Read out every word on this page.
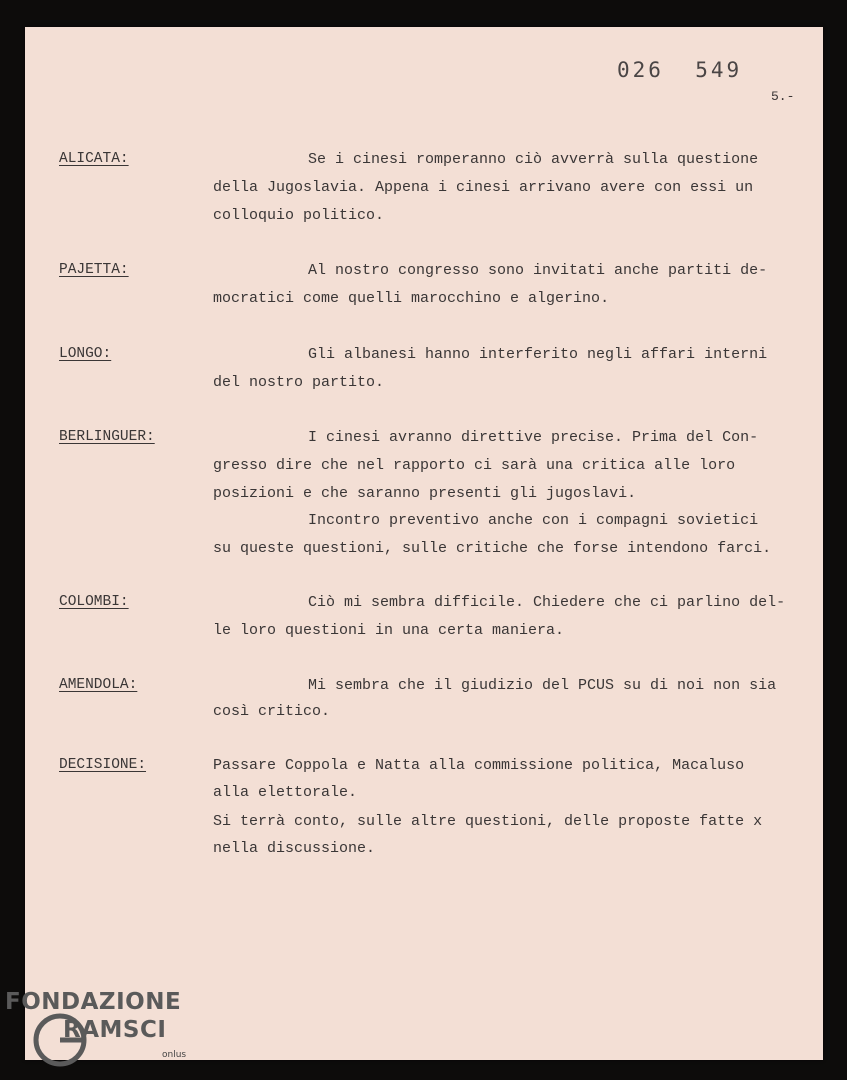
026  549
5.-
ALICATA:	Se i cinesi romperanno ciò avverrà sulla questione
della Jugoslavia. Appena i cinesi arrivano avere con essi un
colloquio politico.
PAJETTA:	Al nostro congresso sono invitati anche partiti de-
mocratici come quelli marocchino e algerino.
LONGO:	Gli albanesi hanno interferito negli affari interni
del nostro partito.
BERLINGUER:	I cinesi avranno direttive precise. Prima del Con-
gresso dire che nel rapporto ci sarà una critica alle loro
posizioni e che saranno presenti gli jugoslavi.
Incontro preventivo anche con i compagni sovietici
su queste questioni, sulle critiche che forse intendono farci.
COLOMBI:	Ciò mi sembra difficile. Chiedere che ci parlino del-
le loro questioni in una certa maniera.
AMENDOLA:	Mi sembra che il giudizio del PCUS su di noi non sia
così critico.
DECISIONE:	Passare Coppola e Natta alla commissione politica, Macaluso
alla elettorale.
Si terrà conto, sulle altre questioni, delle proposte fatte x
nella discussione.
FONDAZIONE
RAMSCI
onlus
